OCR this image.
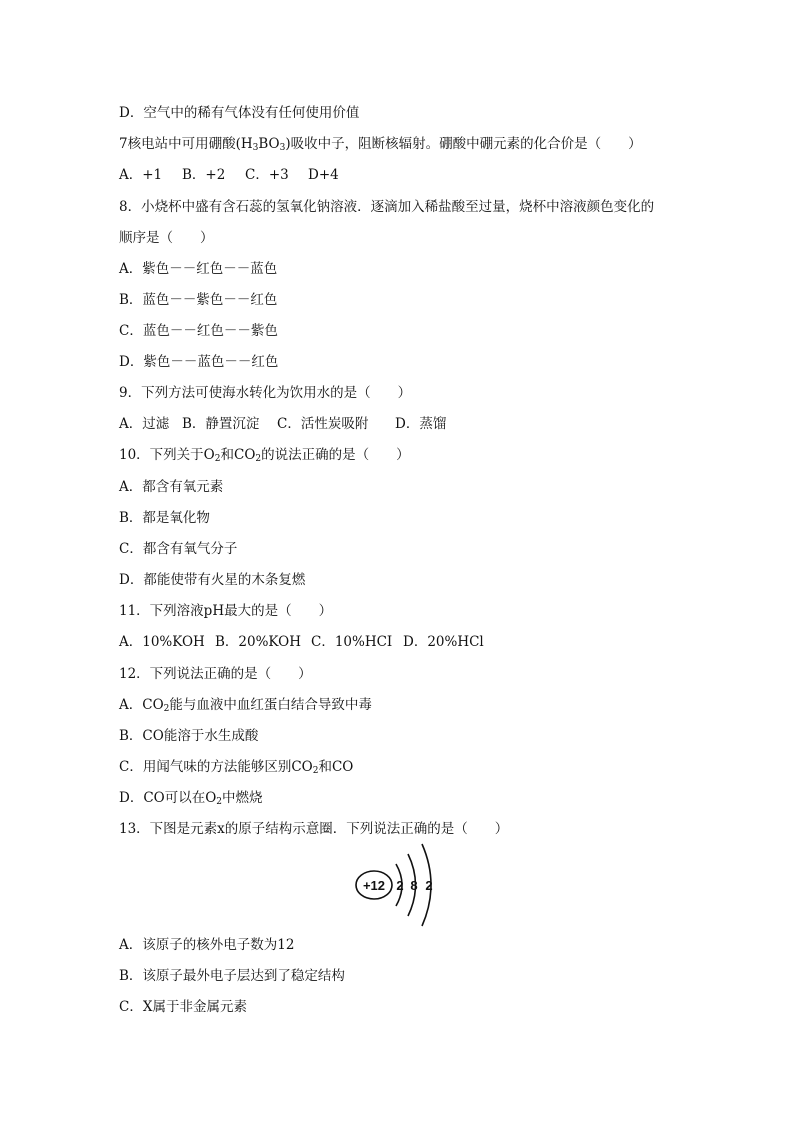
D．空气中的稀有气体没有任何使用价值
7核电站中可用硼酸$(H_3BO_3)$吸收中子，阻断核辐射。硼酸中硼元素的化合价是（　　）
A．+1 B．+2 C．+3 D+4
8．小烧杯中盛有含石蕊的氢氧化钠溶液．逐滴加入稀盐酸至过量，烧杯中溶液颜色变化的
顺序是（　　）
A．紫色－－红色－－蓝色
B．蓝色－－紫色－－红色
C．蓝色－－红色－－紫色
D．紫色－－蓝色－－红色
9．下列方法可使海水转化为饮用水的是（　　）
A．过滤 B．静置沉淀 C．活性炭吸附 D．蒸馏
10．下列关于$O_2$和$CO_2$的说法正确的是（　　）
A．都含有氧元素
B．都是氧化物
C．都含有氧气分子
D．都能使带有火星的木条复燃
11．下列溶液pH最大的是（　　）
A．10%KOH B．20%KOH C．10%HCI D．20%HCl
12．下列说法正确的是（　　）
A．$CO_2$能与血液中血红蛋白结合导致中毒
B．CO能溶于水生成酸
C．用闻气味的方法能够区别$CO_2$和CO
D．CO可以在$O_2$中燃烧
13．下图是元素x的原子结构示意圈．下列说法正确的是（　　）
+12 2 8 2
A．该原子的核外电子数为12
B．该原子最外电子层达到了稳定结构
C．X属于非金属元素
